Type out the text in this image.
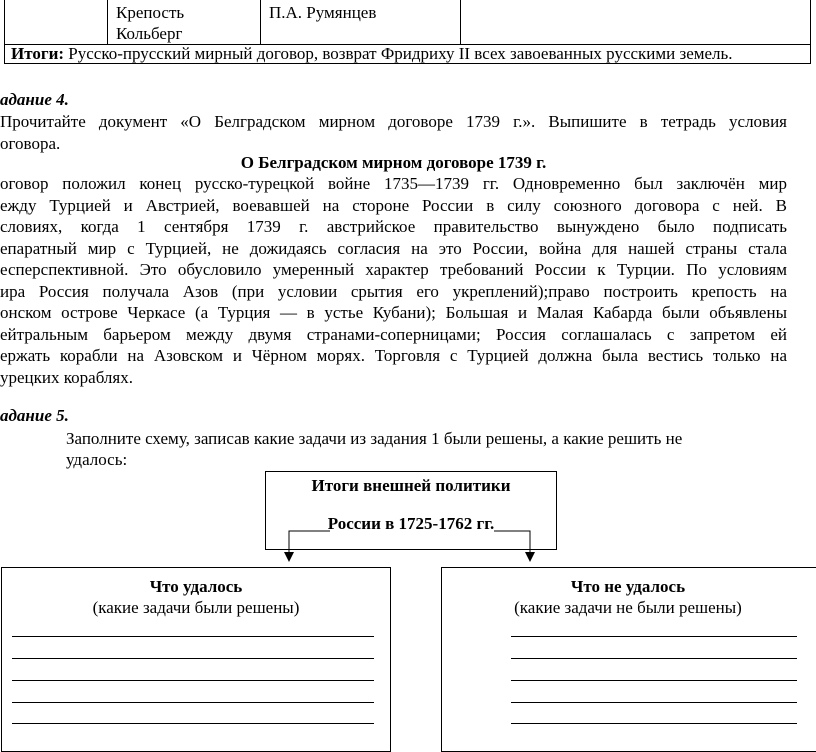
Крепость
Кольберг
П.А. Румянцев
Итоги: Русско-прусский мирный договор, возврат Фридриху II всех завоеванных русскими земель.
адание 4.
Прочитайте документ «О Белградском мирном договоре 1739 г.». Выпишите в тетрадь условия
оговора.
О Белградском мирном договоре 1739 г.
оговор положил конец русско-турецкой войне 1735—1739 гг. Одновременно был заключён мир
ежду Турцией и Австрией, воевавшей на стороне России в силу союзного договора с ней. В
словиях, когда 1 сентября 1739 г. австрийское правительство вынуждено было подписать
епаратный мир с Турцией, не дожидаясь согласия на это России, война для нашей страны стала
есперспективной. Это обусловило умеренный характер требований России к Турции. По условиям
ира Россия получала Азов (при условии срытия его укреплений);право построить крепость на
онском острове Черкасе (а Турция — в устье Кубани); Большая и Малая Кабарда были объявлены
ейтральным барьером между двумя странами-соперницами; Россия соглашалась с запретом ей
ержать корабли на Азовском и Чёрном морях. Торговля с Турцией должна была вестись только на
урецких кораблях.
адание 5.
Заполните схему, записав какие задачи из задания 1 были решены, а какие решить не
удалось:
Итоги внешней политики
России в 1725-1762 гг.
Что удалось
(какие задачи были решены)
Что не удалось
(какие задачи не были решены)
